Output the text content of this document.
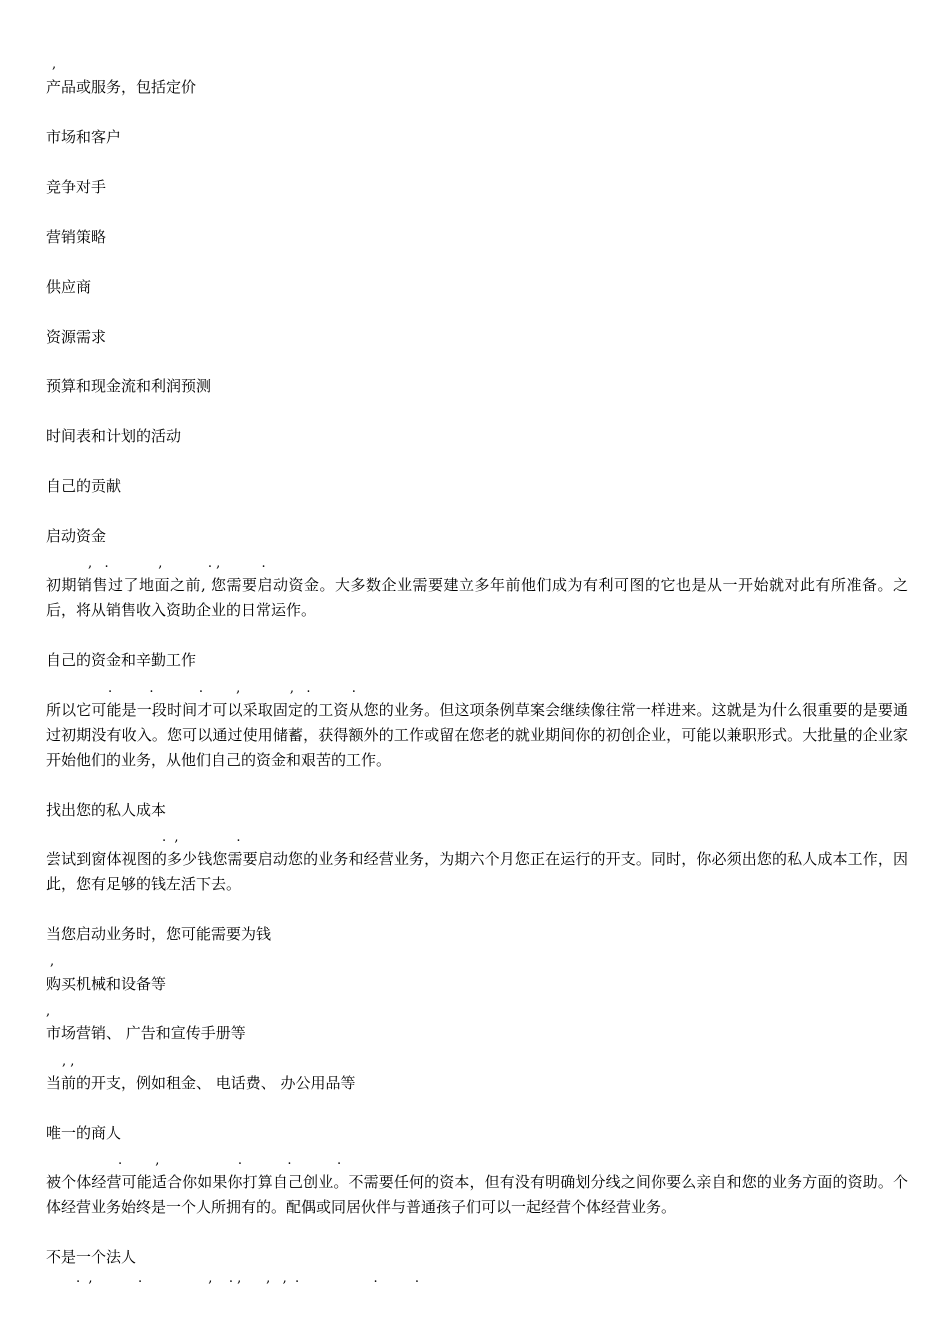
,
产品或服务，包括定价
市场和客户
竞争对手
营销策略
供应商
资源需求
预算和现金流和利润预测
时间表和计划的活动
自己的贡献
启动资金
,   .            ,           . ,          .
初期销售过了地面之前, 您需要启动资金。大多数企业需要建立多年前他们成为有利可图的它也是从一开始就对此有所准备。之后，将从销售收入资助企业的日常运作。
自己的资金和辛勤工作
.         .           .        ,            ,   .          .
所以它可能是一段时间才可以采取固定的工资从您的业务。但这项条例草案会继续像往常一样进来。这就是为什么很重要的是要通过初期没有收入。您可以通过使用储蓄，获得额外的工作或留在您老的就业期间你的初创企业，可能以兼职形式。大批量的企业家开始他们的业务，从他们自己的资金和艰苦的工作。
找出您的私人成本
.  ,              .
尝试到窗体视图的多少钱您需要启动您的业务和经营业务，为期六个月您正在运行的开支。同时，你必须出您的私人成本工作，因此，您有足够的钱左活下去。
当您启动业务时，您可能需要为钱
,
购买机械和设备等
,
市场营销、 广告和宣传手册等
, ,
当前的开支，例如租金、 电话费、 办公用品等
唯一的商人
.        ,                   .           .           .
被个体经营可能适合你如果你打算自己创业。不需要任何的资本，但有没有明确划分线之间你要么亲自和您的业务方面的资助。个体经营业务始终是一个人所拥有的。配偶或同居伙伴与普通孩子们可以一起经营个体经营业务。
不是一个法人
.  ,           .                ,    . ,      ,   ,  .                  .         .
